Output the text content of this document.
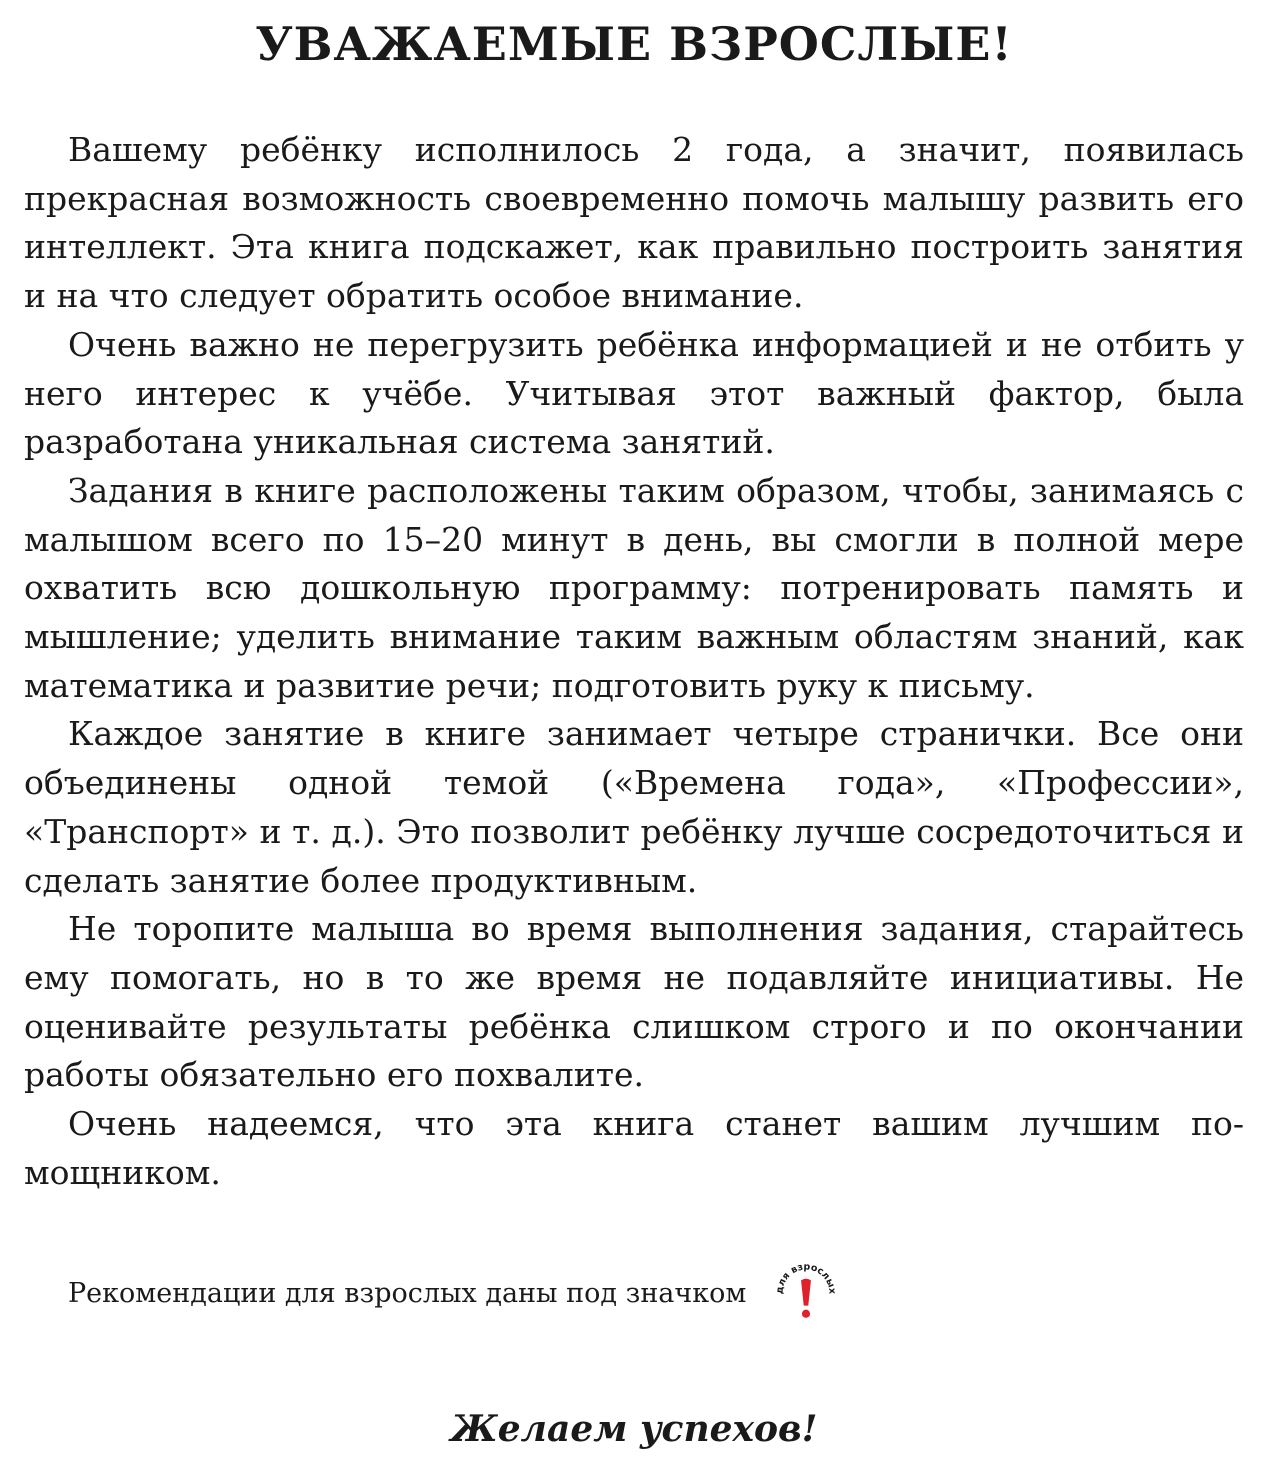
УВАЖАЕМЫЕ ВЗРОСЛЫЕ!

Вашему ребёнку исполнилось 2 года, а значит, появилась прекрасная возможность своевременно помочь малышу развить его интеллект. Эта книга подскажет, как правильно построить занятия и на что следует обратить особое внимание.

Очень важно не перегрузить ребёнка информацией и не отбить у него интерес к учёбе. Учитывая этот важный фактор, была разработана уникальная система занятий.

Задания в книге расположены таким образом, чтобы, занимаясь с малышом всего по 15–20 минут в день, вы смогли в полной мере охватить всю дошкольную программу: потренировать память и мышление; уделить внимание таким важным областям знаний, как математика и развитие речи; подготовить руку к письму.

Каждое занятие в книге занимает четыре странички. Все они объединены одной темой («Времена года», «Профессии», «Транспорт» и т. д.). Это позволит ребёнку лучше сосредоточиться и сделать занятие более продуктивным.

Не торопите малыша во время выполнения задания, старайтесь ему помогать, но в то же время не подавляйте инициативы. Не оценивайте результаты ребёнка слишком строго и по окончании работы обязательно его похвалите.

Очень надеемся, что эта книга станет вашим лучшим помощником.

Рекомендации для взрослых даны под значком	для взрослых
Желаем успехов!
